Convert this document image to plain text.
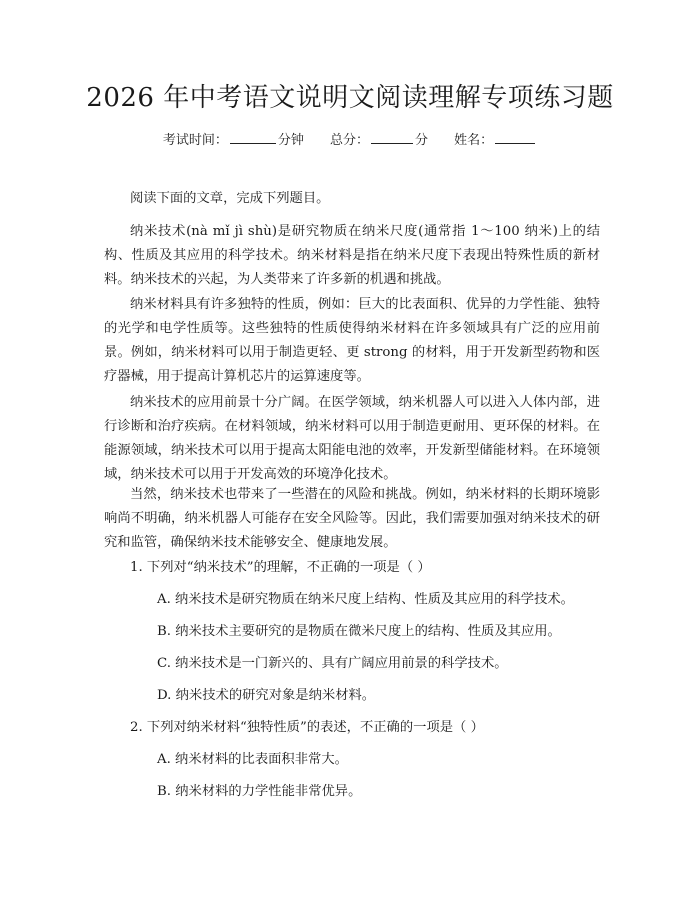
2026 年中考语文说明文阅读理解专项练习题
考试时间：	分钟 总分：	分 姓名：

阅读下面的文章，完成下列题目。

纳米技术(nà mǐ jì shù)是研究物质在纳米尺度(通常指 1～100 纳米)上的结构、性质及其应用的科学技术。纳米材料是指在纳米尺度下表现出特殊性质的新材料。纳米技术的兴起，为人类带来了许多新的机遇和挑战。

纳米材料具有许多独特的性质，例如：巨大的比表面积、优异的力学性能、独特的光学和电学性质等。这些独特的性质使得纳米材料在许多领域具有广泛的应用前景。例如，纳米材料可以用于制造更轻、更 strong 的材料，用于开发新型药物和医疗器械，用于提高计算机芯片的运算速度等。

纳米技术的应用前景十分广阔。在医学领域，纳米机器人可以进入人体内部，进行诊断和治疗疾病。在材料领域，纳米材料可以用于制造更耐用、更环保的材料。在能源领域，纳米技术可以用于提高太阳能电池的效率，开发新型储能材料。在环境领域，纳米技术可以用于开发高效的环境净化技术。

当然，纳米技术也带来了一些潜在的风险和挑战。例如，纳米材料的长期环境影响尚不明确，纳米机器人可能存在安全风险等。因此，我们需要加强对纳米技术的研究和监管，确保纳米技术能够安全、健康地发展。

1. 下列对“纳米技术”的理解，不正确的一项是（ ）

A. 纳米技术是研究物质在纳米尺度上结构、性质及其应用的科学技术。

B. 纳米技术主要研究的是物质在微米尺度上的结构、性质及其应用。

C. 纳米技术是一门新兴的、具有广阔应用前景的科学技术。

D. 纳米技术的研究对象是纳米材料。

2. 下列对纳米材料“独特性质”的表述，不正确的一项是（ ）

A. 纳米材料的比表面积非常大。

B. 纳米材料的力学性能非常优异。
